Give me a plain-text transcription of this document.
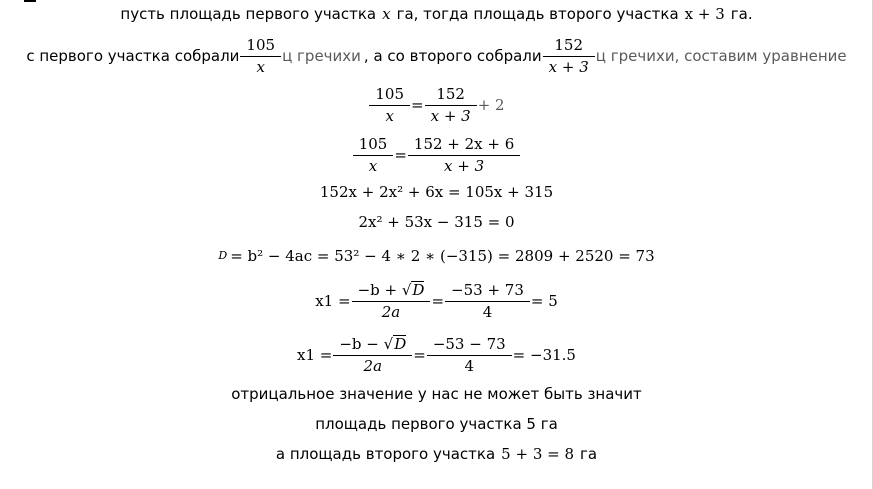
пусть площадь первого участка x га, тогда площадь второго участка x + 3 га.
с первого участка собрали $\frac{105}{x}$ ц гречихи , а со второго собрали $\frac{152}{x + 3}$ ц гречихи, составим уравнение
$\frac{105}{x} = \frac{152}{x + 3} + 2$
$\frac{105}{x} = \frac{152 + 2x + 6}{x + 3}$
152x + 2x² + 6x = 105x + 315
2x² + 53x − 315 = 0
D = b² − 4ac = 53² − 4 ∗ 2 ∗ (−315) = 2809 + 2520 = 73
$x1 = \frac{-b + √ D}{2a} = \frac{-53 + 73}{4} = 5$
$x1 = \frac{-b - √ D}{2a} = \frac{-53 - 73}{4} = -31.5$
отрицальное значение у нас не может быть значит
площадь первого участка 5 га
а площадь второго участка 5 + 3 = 8 га
